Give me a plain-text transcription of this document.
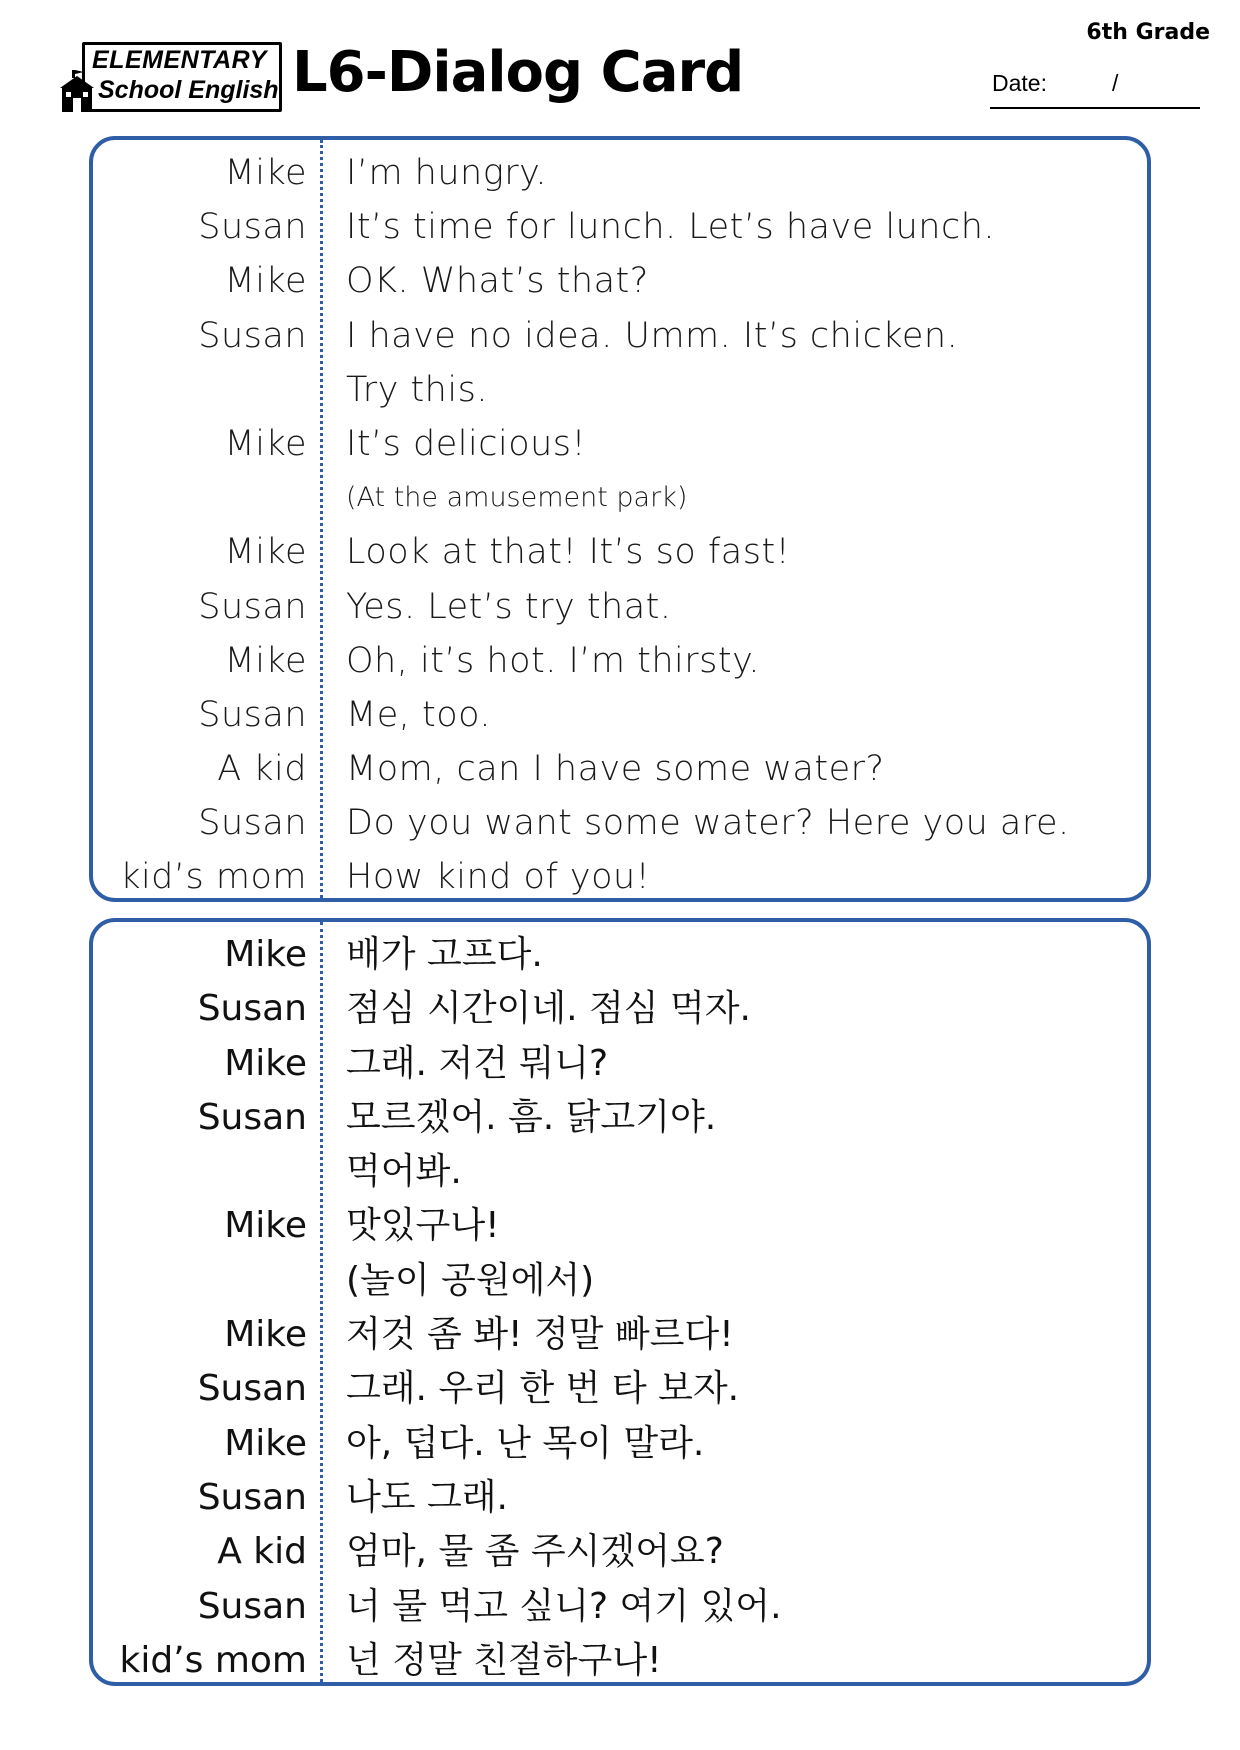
ELEMENTARY
School English L6-Dialog Card
6th Grade
Date:	/
Mike I’m hungry.
Susan It’s time for lunch. Let’s have lunch.
Mike OK. What’s that?
Susan I have no idea. Umm. It’s chicken.
Try this.
Mike It’s delicious!
(At the amusement park)
Mike Look at that! It’s so fast!
Susan Yes. Let’s try that.
Mike Oh, it’s hot. I’m thirsty.
Susan Me, too.
A kid Mom, can I have some water?
Susan Do you want some water? Here you are.
kid’s mom How kind of you!
Mike 배가 고프다.
Susan 점심 시간이네. 점심 먹자.
Mike 그래. 저건 뭐니?
Susan 모르겠어. 흠. 닭고기야.
먹어봐.
Mike 맛있구나!
(놀이 공원에서)
Mike 저것 좀 봐! 정말 빠르다!
Susan 그래. 우리 한 번 타 보자.
Mike 아, 덥다. 난 목이 말라.
Susan 나도 그래.
A kid 엄마, 물 좀 주시겠어요?
Susan 너 물 먹고 싶니? 여기 있어.
kid’s mom 넌 정말 친절하구나!
